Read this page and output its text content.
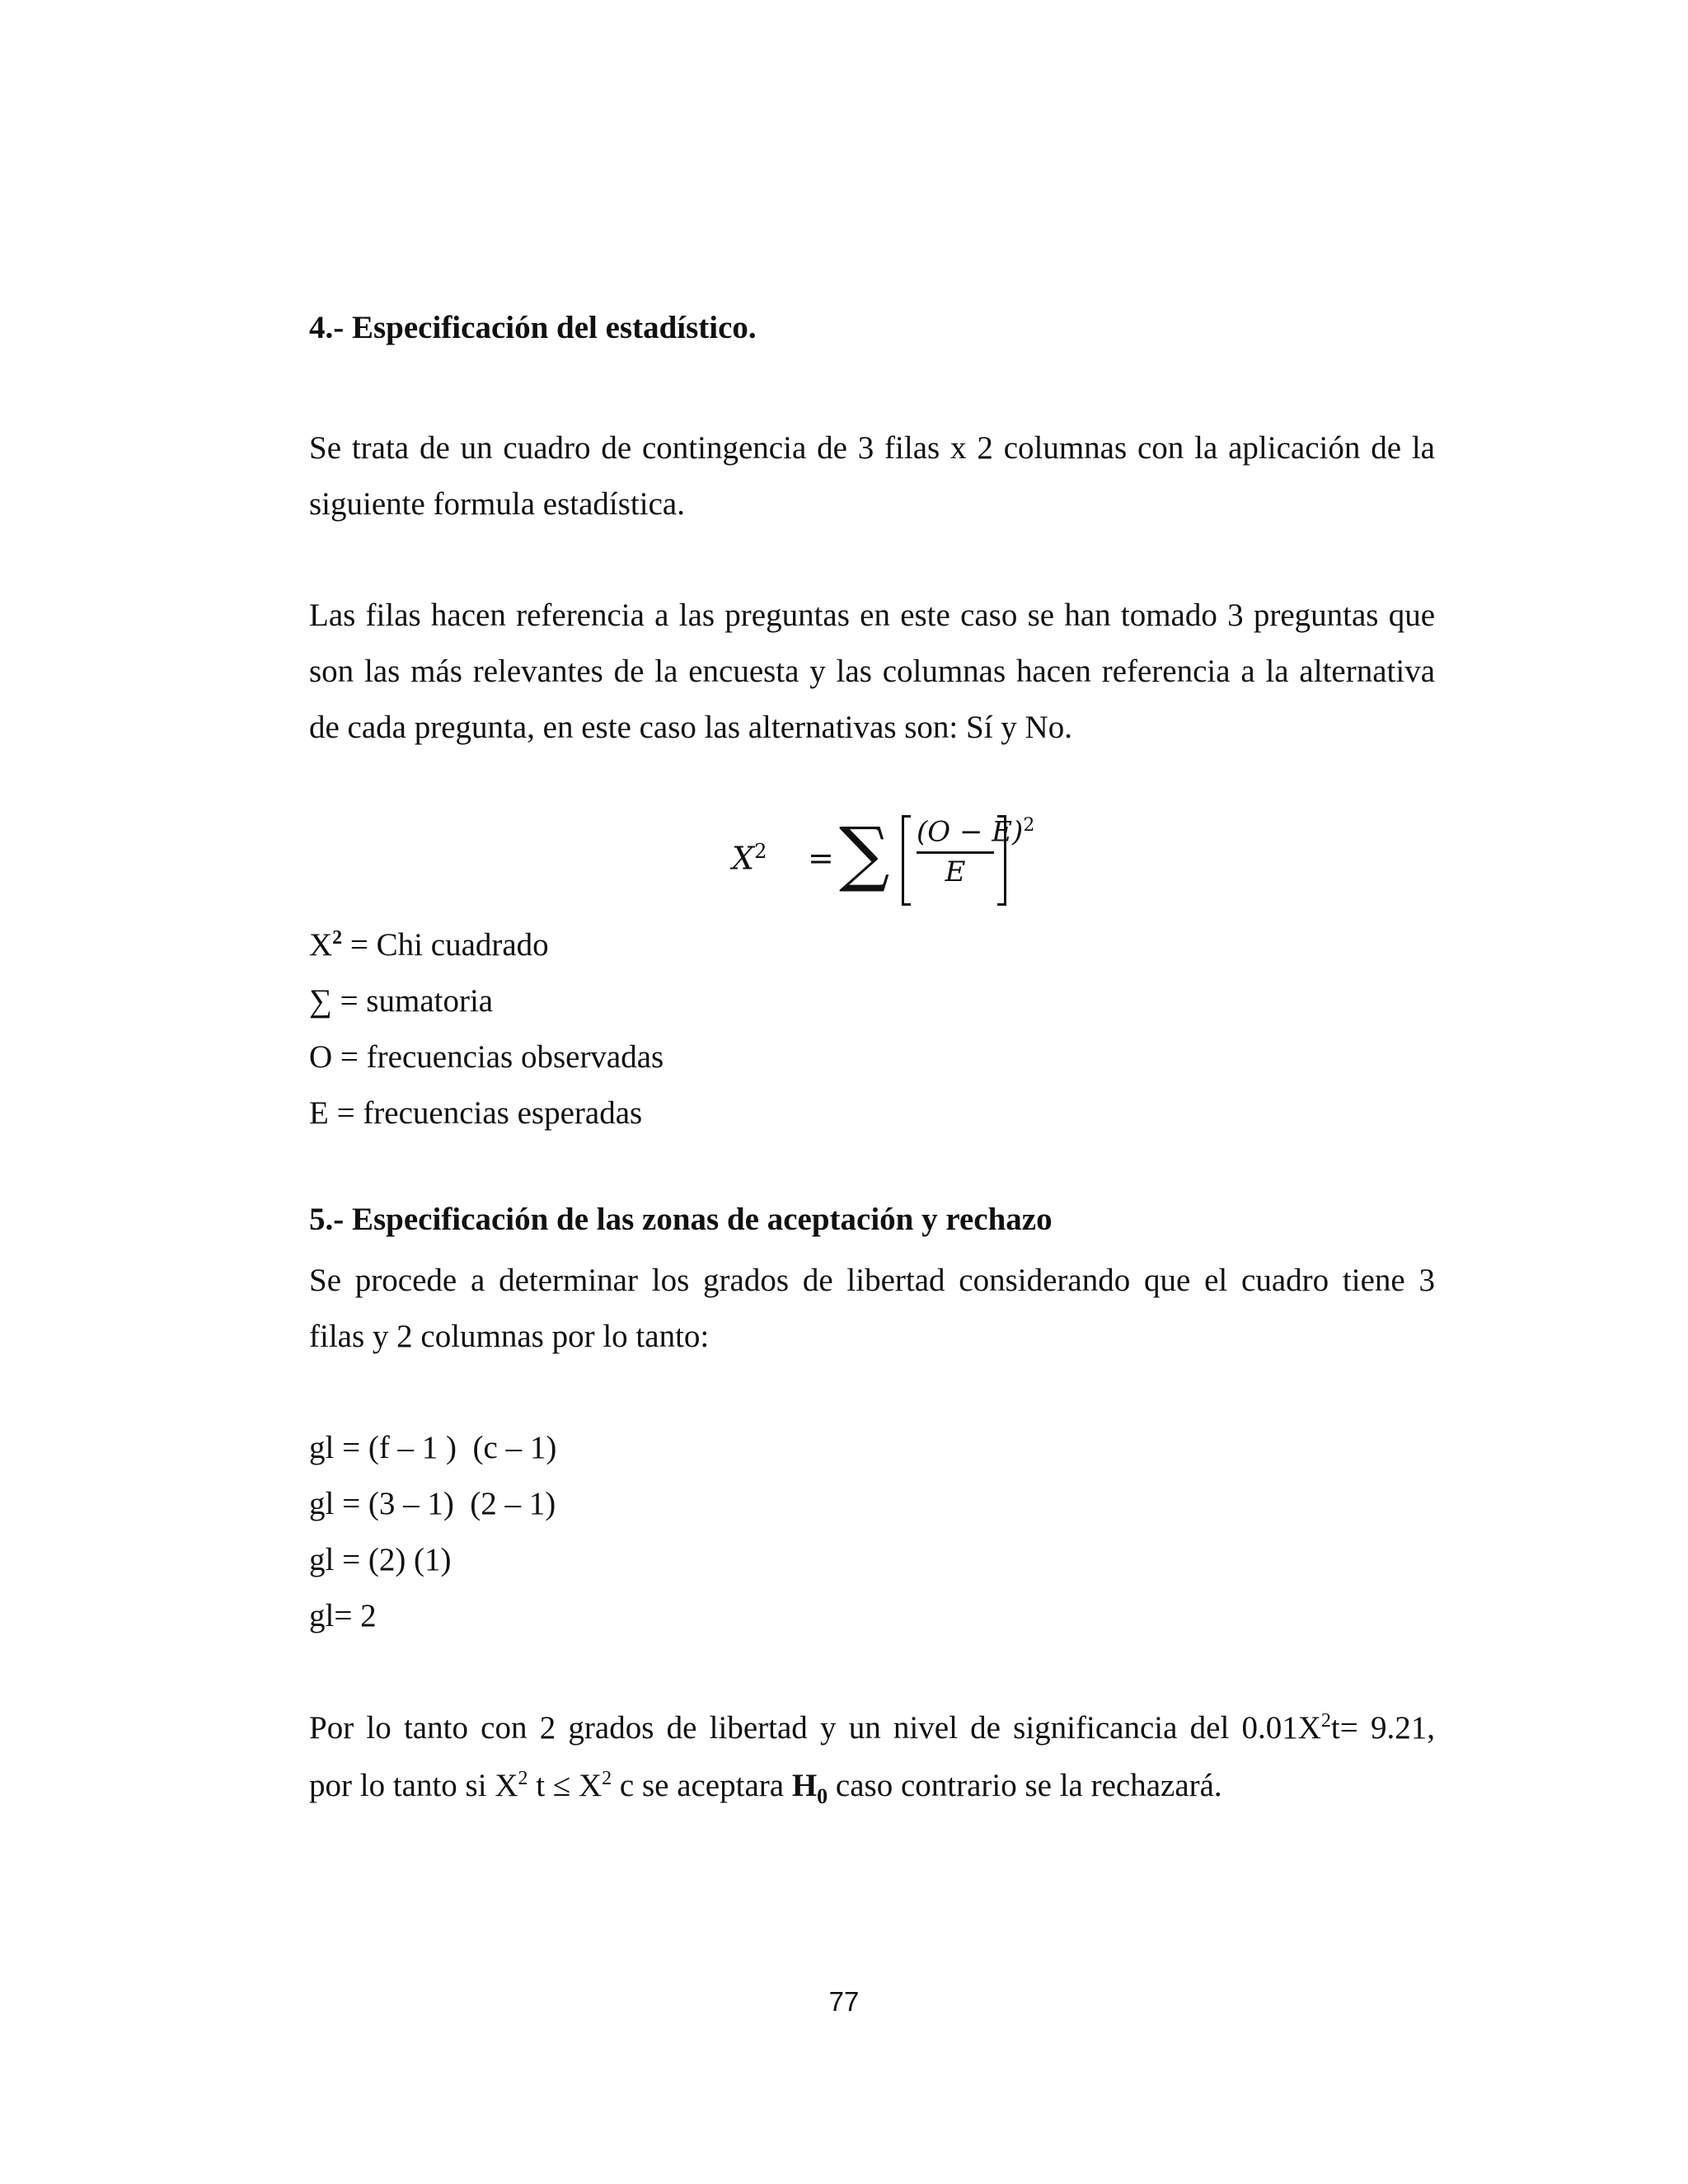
4.- Especificación del estadístico.
Se trata de un cuadro de contingencia de 3 filas x 2 columnas con la aplicación de la
siguiente formula estadística.
Las filas hacen referencia a las preguntas en este caso se han tomado 3 preguntas que
son las más relevantes de la encuesta y las columnas hacen referencia a la alternativa
de cada pregunta, en este caso las alternativas son: Sí y No.
$X^2$ = ∑ $(O - E)^2$
E
$X^2$ = Chi cuadrado
∑ = sumatoria
O = frecuencias observadas
E = frecuencias esperadas
5.- Especificación de las zonas de aceptación y rechazo
Se procede a determinar los grados de libertad considerando que el cuadro tiene 3
filas y 2 columnas por lo tanto:
gl = (f – 1 )  (c – 1)
gl = (3 – 1)  (2 – 1)
gl = (2) (1)
gl= 2
Por lo tanto con 2 grados de libertad y un nivel de significancia del $0.01X^2t= 9.21$,
por lo tanto si $X^2$ $t \le X^2$ c se aceptara $H_0$ caso contrario se la rechazará.
77
